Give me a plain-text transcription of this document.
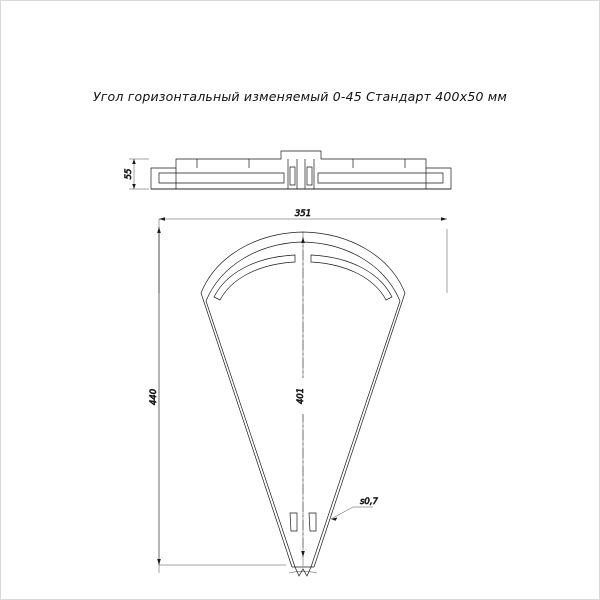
Угол горизонтальный изменяемый 0-45 Стандарт 400х50 мм
55
351
440	401
s0,7
